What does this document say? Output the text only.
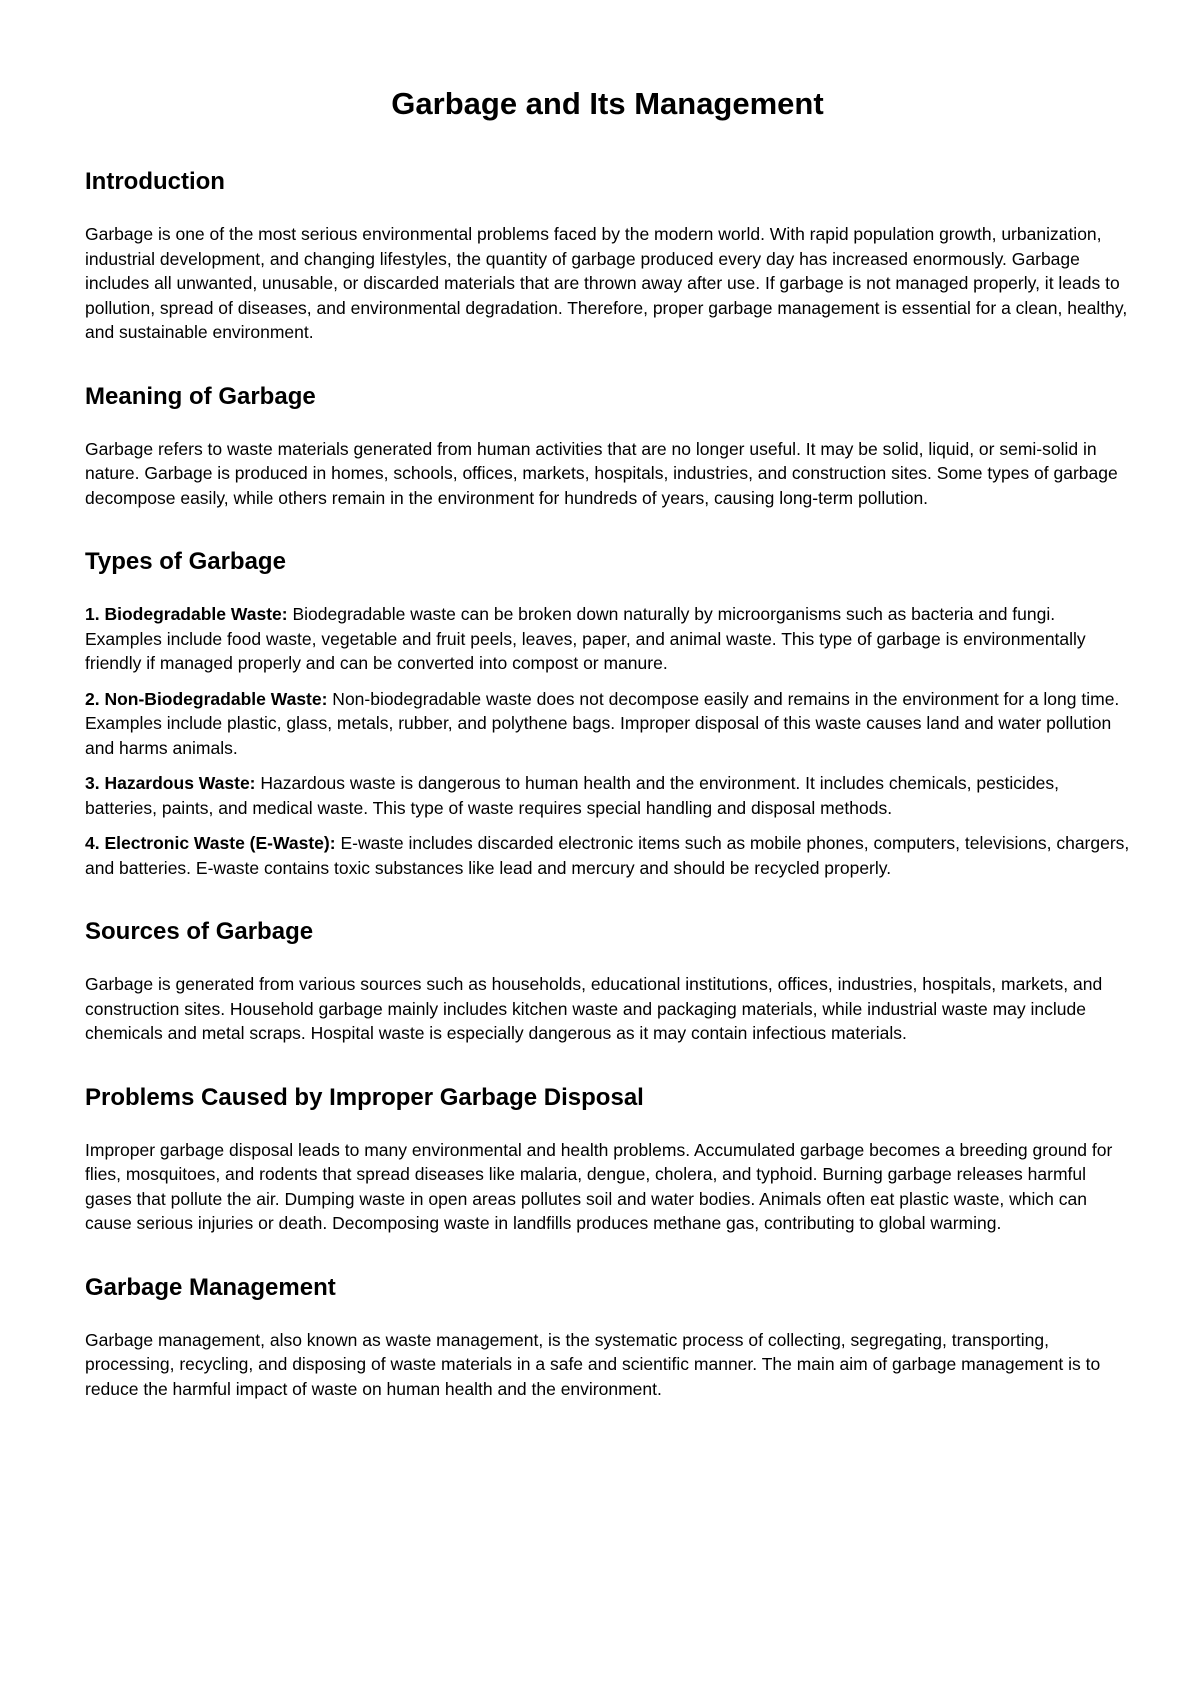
Garbage and Its Management
Introduction

Garbage is one of the most serious environmental problems faced by the modern world. With rapid population growth, urbanization, industrial development, and changing lifestyles, the quantity of garbage produced every day has increased enormously. Garbage includes all unwanted, unusable, or discarded materials that are thrown away after use. If garbage is not managed properly, it leads to pollution, spread of diseases, and environmental degradation. Therefore, proper garbage management is essential for a clean, healthy, and sustainable environment.

Meaning of Garbage

Garbage refers to waste materials generated from human activities that are no longer useful. It may be solid, liquid, or semi-solid in nature. Garbage is produced in homes, schools, offices, markets, hospitals, industries, and construction sites. Some types of garbage decompose easily, while others remain in the environment for hundreds of years, causing long-term pollution.

Types of Garbage

1. Biodegradable Waste: Biodegradable waste can be broken down naturally by microorganisms such as bacteria and fungi. Examples include food waste, vegetable and fruit peels, leaves, paper, and animal waste. This type of garbage is environmentally friendly if managed properly and can be converted into compost or manure.

2. Non-Biodegradable Waste: Non-biodegradable waste does not decompose easily and remains in the environment for a long time. Examples include plastic, glass, metals, rubber, and polythene bags. Improper disposal of this waste causes land and water pollution and harms animals.

3. Hazardous Waste: Hazardous waste is dangerous to human health and the environment. It includes chemicals, pesticides, batteries, paints, and medical waste. This type of waste requires special handling and disposal methods.

4. Electronic Waste (E-Waste): E-waste includes discarded electronic items such as mobile phones, computers, televisions, chargers, and batteries. E-waste contains toxic substances like lead and mercury and should be recycled properly.

Sources of Garbage

Garbage is generated from various sources such as households, educational institutions, offices, industries, hospitals, markets, and construction sites. Household garbage mainly includes kitchen waste and packaging materials, while industrial waste may include chemicals and metal scraps. Hospital waste is especially dangerous as it may contain infectious materials.

Problems Caused by Improper Garbage Disposal

Improper garbage disposal leads to many environmental and health problems. Accumulated garbage becomes a breeding ground for flies, mosquitoes, and rodents that spread diseases like malaria, dengue, cholera, and typhoid. Burning garbage releases harmful gases that pollute the air. Dumping waste in open areas pollutes soil and water bodies. Animals often eat plastic waste, which can cause serious injuries or death. Decomposing waste in landfills produces methane gas, contributing to global warming.

Garbage Management

Garbage management, also known as waste management, is the systematic process of collecting, segregating, transporting, processing, recycling, and disposing of waste materials in a safe and scientific manner. The main aim of garbage management is to reduce the harmful impact of waste on human health and the environment.
